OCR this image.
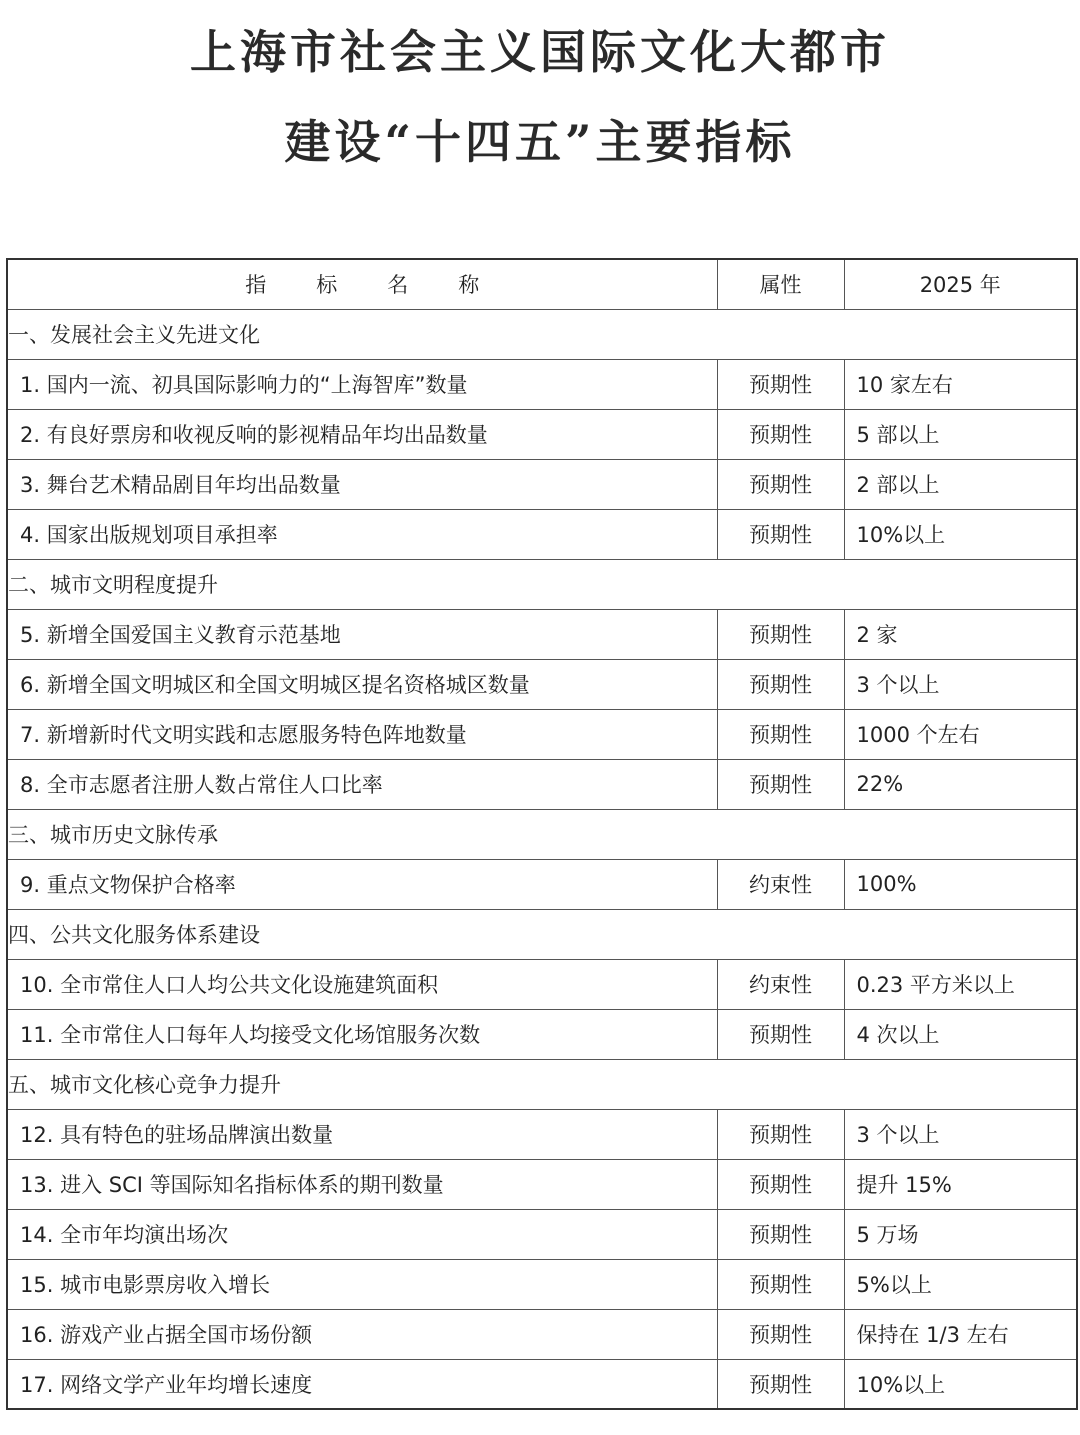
上海市社会主义国际文化大都市
建设“十四五”主要指标
指标名称	属性	2025 年
一、发展社会主义先进文化		
1. 国内一流、初具国际影响力的“上海智库”数量	预期性	10 家左右
2. 有良好票房和收视反响的影视精品年均出品数量	预期性	5 部以上
3. 舞台艺术精品剧目年均出品数量	预期性	2 部以上
4. 国家出版规划项目承担率	预期性	10%以上
二、城市文明程度提升		
5. 新增全国爱国主义教育示范基地	预期性	2 家
6. 新增全国文明城区和全国文明城区提名资格城区数量	预期性	3 个以上
7. 新增新时代文明实践和志愿服务特色阵地数量	预期性	1000 个左右
8. 全市志愿者注册人数占常住人口比率	预期性	22%
三、城市历史文脉传承		
9. 重点文物保护合格率	约束性	100%
四、公共文化服务体系建设		
10. 全市常住人口人均公共文化设施建筑面积	约束性	0.23 平方米以上
11. 全市常住人口每年人均接受文化场馆服务次数	预期性	4 次以上
五、城市文化核心竞争力提升		
12. 具有特色的驻场品牌演出数量	预期性	3 个以上
13. 进入 SCI 等国际知名指标体系的期刊数量	预期性	提升 15%
14. 全市年均演出场次	预期性	5 万场
15. 城市电影票房收入增长	预期性	5%以上
16. 游戏产业占据全国市场份额	预期性	保持在 1/3 左右
17. 网络文学产业年均增长速度	预期性	10%以上
